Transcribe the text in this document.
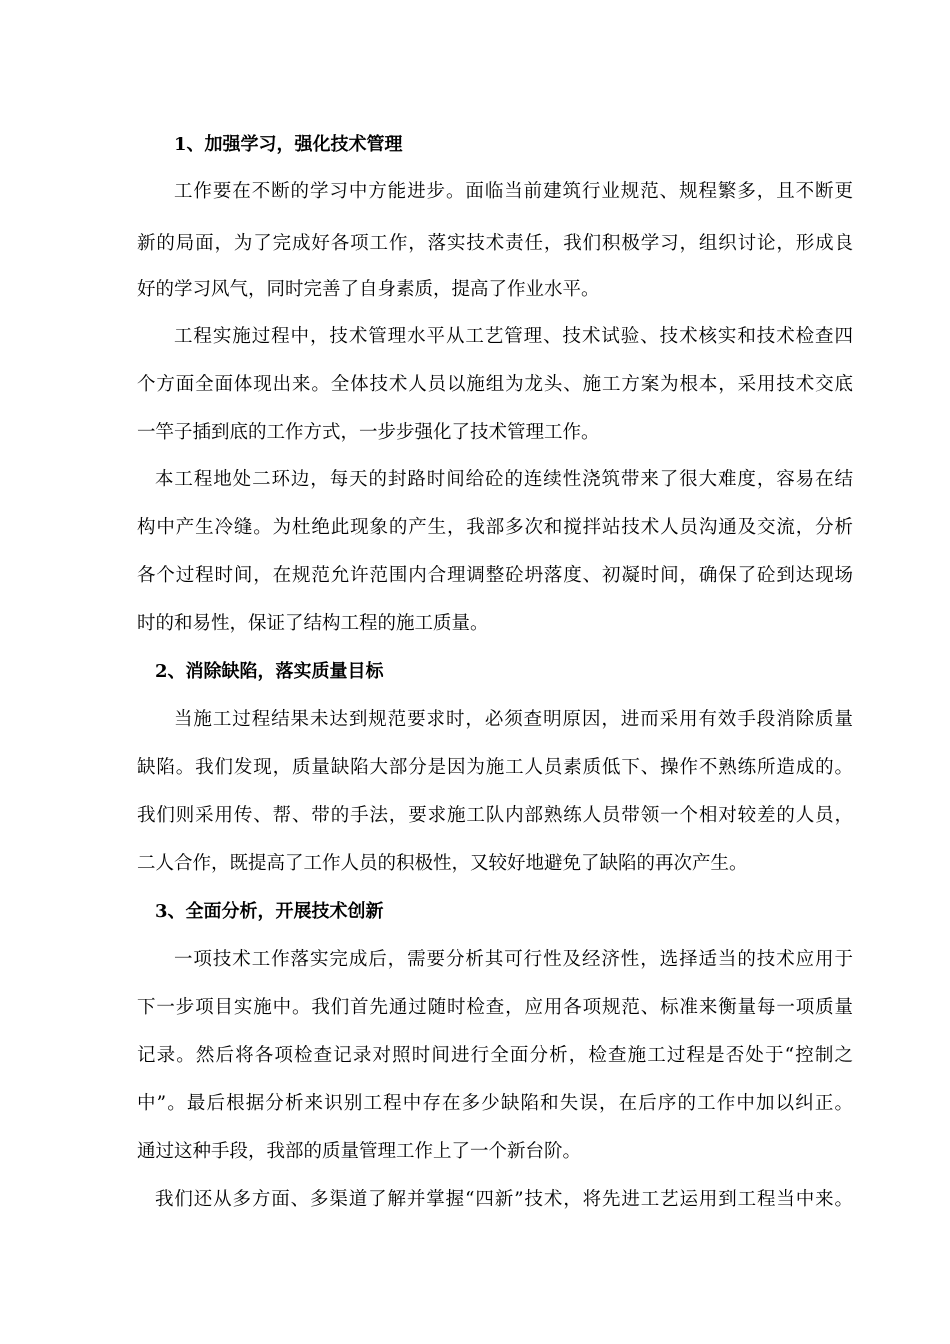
1、加强学习，强化技术管理
工作要在不断的学习中方能进步。面临当前建筑行业规范、规程繁多，且不断更
新的局面，为了完成好各项工作，落实技术责任，我们积极学习，组织讨论，形成良
好的学习风气，同时完善了自身素质，提高了作业水平。
工程实施过程中，技术管理水平从工艺管理、技术试验、技术核实和技术检查四
个方面全面体现出来。全体技术人员以施组为龙头、施工方案为根本，采用技术交底
一竿子插到底的工作方式，一步步强化了技术管理工作。
本工程地处二环边，每天的封路时间给砼的连续性浇筑带来了很大难度，容易在结
构中产生冷缝。为杜绝此现象的产生，我部多次和搅拌站技术人员沟通及交流，分析
各个过程时间，在规范允许范围内合理调整砼坍落度、初凝时间，确保了砼到达现场
时的和易性，保证了结构工程的施工质量。
2、消除缺陷，落实质量目标
当施工过程结果未达到规范要求时，必须查明原因，进而采用有效手段消除质量
缺陷。我们发现，质量缺陷大部分是因为施工人员素质低下、操作不熟练所造成的。
我们则采用传、帮、带的手法，要求施工队内部熟练人员带领一个相对较差的人员，
二人合作，既提高了工作人员的积极性，又较好地避免了缺陷的再次产生。
3、全面分析，开展技术创新
一项技术工作落实完成后，需要分析其可行性及经济性，选择适当的技术应用于
下一步项目实施中。我们首先通过随时检查，应用各项规范、标准来衡量每一项质量
记录。然后将各项检查记录对照时间进行全面分析，检查施工过程是否处于“控制之
中”。最后根据分析来识别工程中存在多少缺陷和失误，在后序的工作中加以纠正。
通过这种手段，我部的质量管理工作上了一个新台阶。
我们还从多方面、多渠道了解并掌握“四新”技术，将先进工艺运用到工程当中来。
